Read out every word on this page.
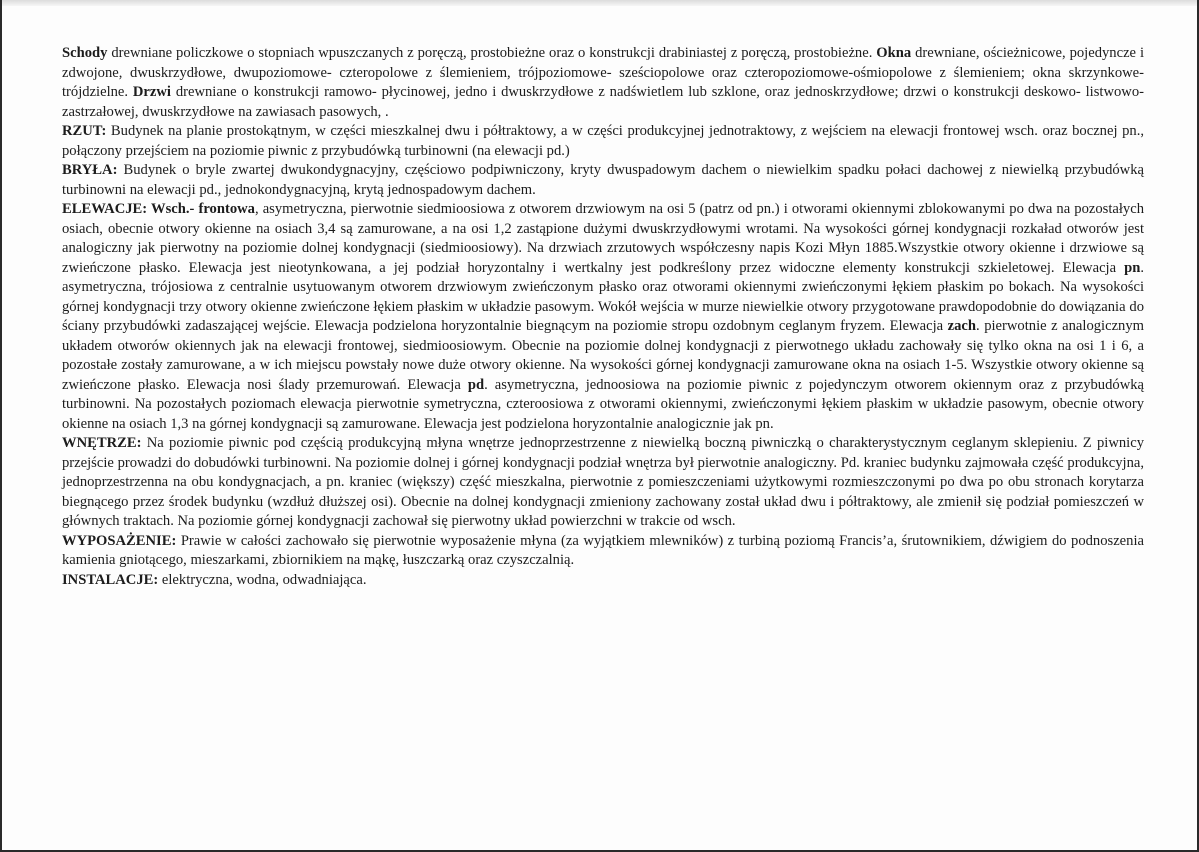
Schody drewniane policzkowe o stopniach wpuszczanych z poręczą, prostobieżne oraz o konstrukcji drabiniastej z poręczą, prostobieżne. Okna drewniane, ościeżnicowe, pojedyncze i zdwojone, dwuskrzydłowe, dwupoziomowe- czteropolowe z ślemieniem, trójpoziomowe- sześciopolowe oraz czteropoziomowe-ośmiopolowe z ślemieniem; okna skrzynkowe- trójdzielne. Drzwi drewniane o konstrukcji ramowo- płycinowej, jedno i dwuskrzydłowe z nadświetlem lub szklone, oraz jednoskrzydłowe; drzwi o konstrukcji deskowo- listwowo- zastrzałowej, dwuskrzydłowe na zawiasach pasowych, .

RZUT: Budynek na planie prostokątnym, w części mieszkalnej dwu i półtraktowy, a w części produkcyjnej jednotraktowy, z wejściem na elewacji frontowej wsch. oraz bocznej pn., połączony przejściem na poziomie piwnic z przybudówką turbinowni (na elewacji pd.)

BRYŁA: Budynek o bryle zwartej dwukondygnacyjny, częściowo podpiwniczony, kryty dwuspadowym dachem o niewielkim spadku połaci dachowej z niewielką przybudówką turbinowni na elewacji pd., jednokondygnacyjną, krytą jednospadowym dachem.

ELEWACJE: Wsch.- frontowa, asymetryczna, pierwotnie siedmioosiowa z otworem drzwiowym na osi 5 (patrz od pn.) i otworami okiennymi zblokowanymi po dwa na pozostałych osiach, obecnie otwory okienne na osiach 3,4 są zamurowane, a na osi 1,2 zastąpione dużymi dwuskrzydłowymi wrotami. Na wysokości górnej kondygnacji rozkaład otworów jest analogiczny jak pierwotny na poziomie dolnej kondygnacji (siedmioosiowy). Na drzwiach zrzutowych współczesny napis Kozi Młyn 1885.Wszystkie otwory okienne i drzwiowe są zwieńczone płasko. Elewacja jest nieotynkowana, a jej podział horyzontalny i wertkalny jest podkreślony przez widoczne elementy konstrukcji szkieletowej. Elewacja pn. asymetryczna, trójosiowa z centralnie usytuowanym otworem drzwiowym zwieńczonym płasko oraz otworami okiennymi zwieńczonymi łękiem płaskim po bokach. Na wysokości górnej kondygnacji trzy otwory okienne zwieńczone łękiem płaskim w układzie pasowym. Wokół wejścia w murze niewielkie otwory przygotowane prawdopodobnie do dowiązania do ściany przybudówki zadaszającej wejście. Elewacja podzielona horyzontalnie biegnącym na poziomie stropu ozdobnym ceglanym fryzem. Elewacja zach. pierwotnie z analogicznym układem otworów okiennych jak na elewacji frontowej, siedmioosiowym. Obecnie na poziomie dolnej kondygnacji z pierwotnego układu zachowały się tylko okna na osi 1 i 6, a pozostałe zostały zamurowane, a w ich miejscu powstały nowe duże otwory okienne. Na wysokości górnej kondygnacji zamurowane okna na osiach 1-5. Wszystkie otwory okienne są zwieńczone płasko. Elewacja nosi ślady przemurowań. Elewacja pd. asymetryczna, jednoosiowa na poziomie piwnic z pojedynczym otworem okiennym oraz z przybudówką turbinowni. Na pozostałych poziomach elewacja pierwotnie symetryczna, czteroosiowa z otworami okiennymi, zwieńczonymi łękiem płaskim w układzie pasowym, obecnie otwory okienne na osiach 1,3 na górnej kondygnacji są zamurowane. Elewacja jest podzielona horyzontalnie analogicznie jak pn.

WNĘTRZE: Na poziomie piwnic pod częścią produkcyjną młyna wnętrze jednoprzestrzenne z niewielką boczną piwniczką o charakterystycznym ceglanym sklepieniu. Z piwnicy przejście prowadzi do dobudówki turbinowni. Na poziomie dolnej i górnej kondygnacji podział wnętrza był pierwotnie analogiczny. Pd. kraniec budynku zajmowała część produkcyjna, jednoprzestrzenna na obu kondygnacjach, a pn. kraniec (większy) część mieszkalna, pierwotnie z pomieszczeniami użytkowymi rozmieszczonymi po dwa po obu stronach korytarza biegnącego przez środek budynku (wzdłuż dłuższej osi). Obecnie na dolnej kondygnacji zmieniony zachowany został układ dwu i półtraktowy, ale zmienił się podział pomieszczeń w głównych traktach. Na poziomie górnej kondygnacji zachował się pierwotny układ powierzchni w trakcie od wsch.

WYPOSAŻENIE: Prawie w całości zachowało się pierwotnie wyposażenie młyna (za wyjątkiem mlewników) z turbiną poziomą Francis’a, śrutownikiem, dźwigiem do podnoszenia kamienia gniotącego, mieszarkami, zbiornikiem na mąkę, łuszczarką oraz czyszczalnią.

INSTALACJE: elektryczna, wodna, odwadniająca.
